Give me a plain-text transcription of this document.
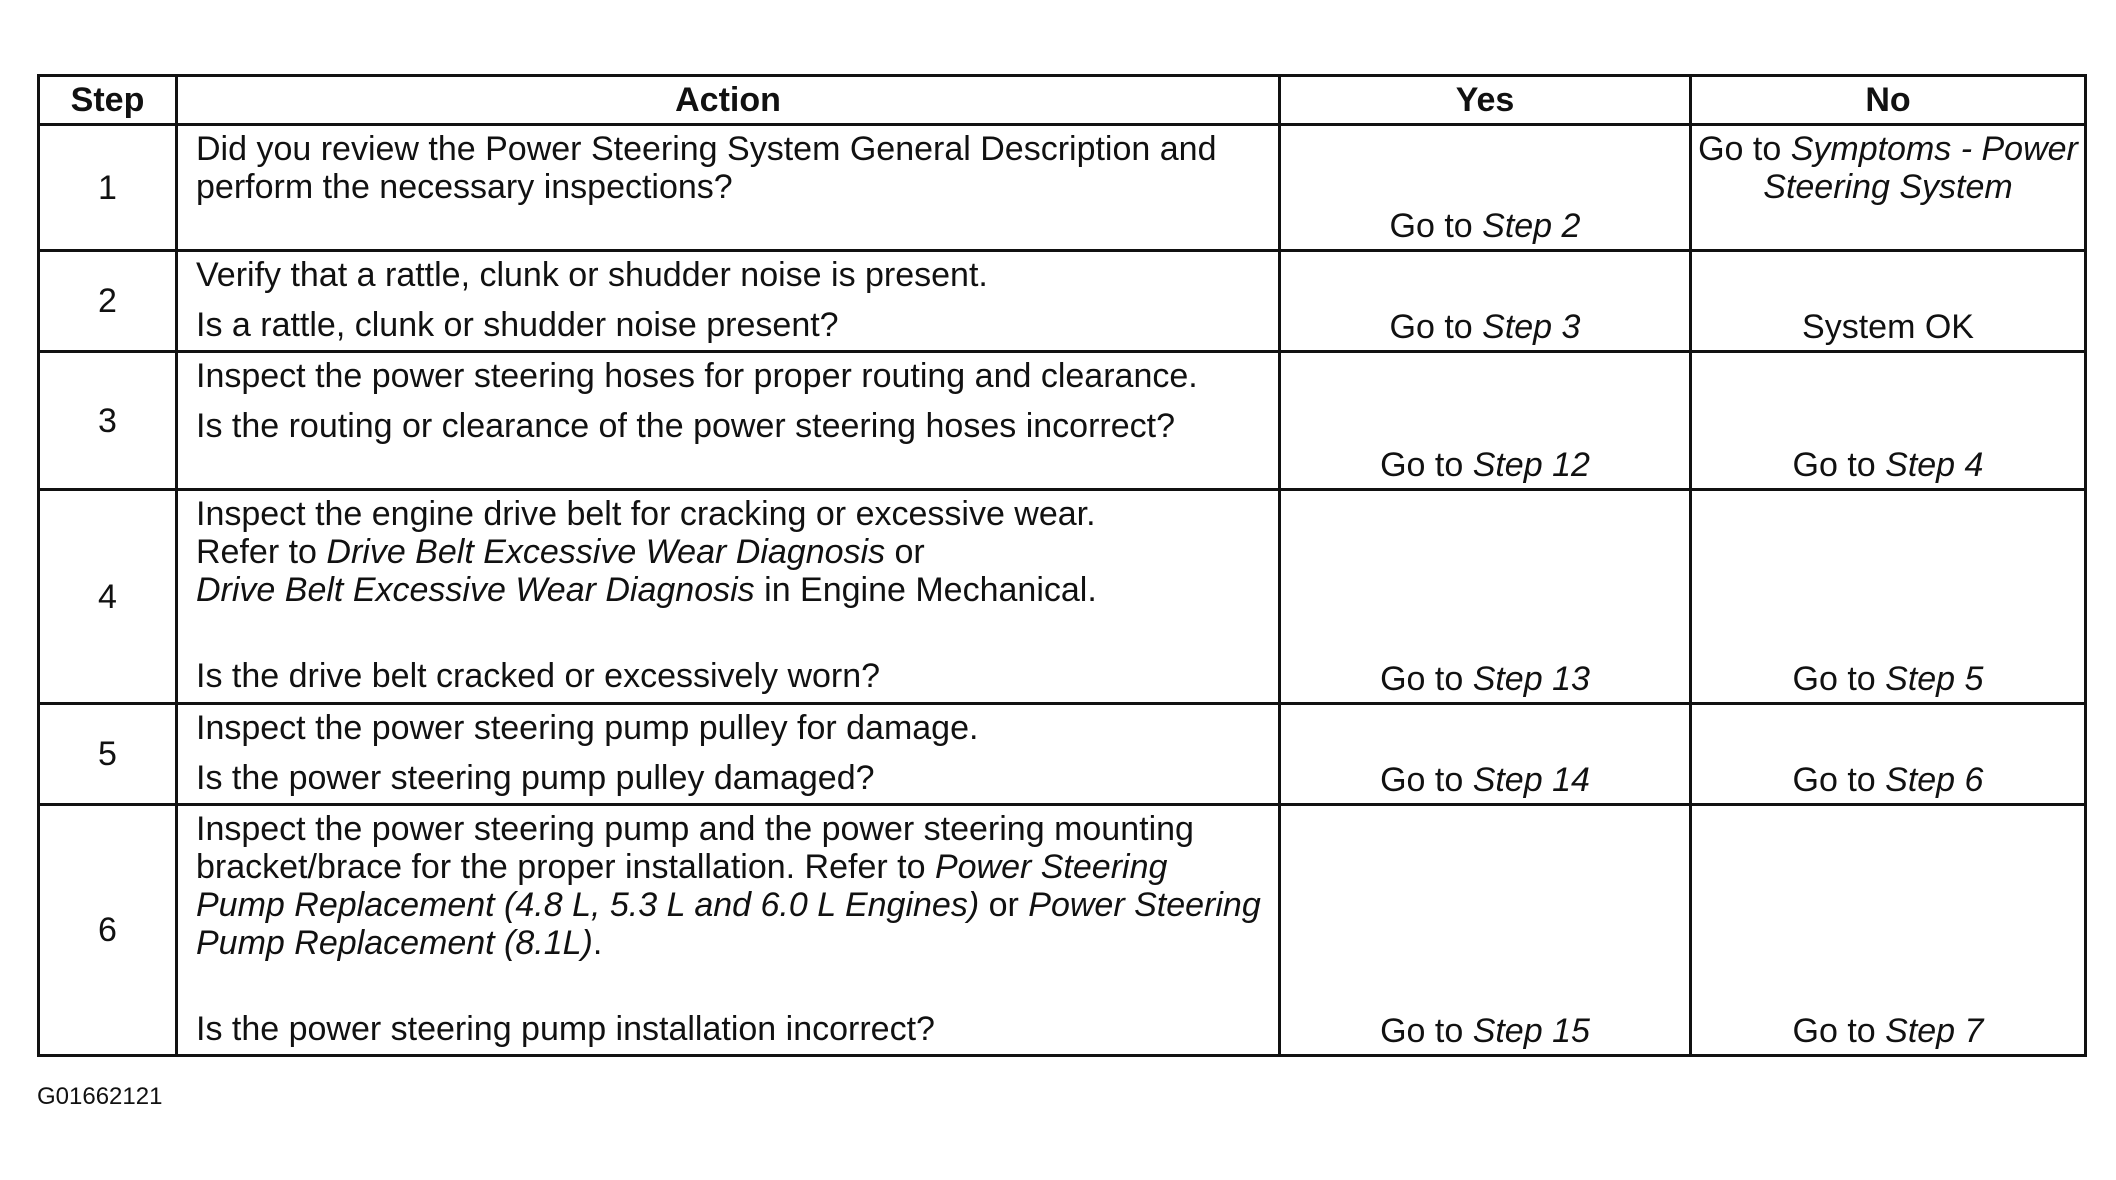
Step	Action	Yes	No
1	Did you review the Power Steering System General Description and perform the necessary inspections?	Go to Step 2	Go to Symptoms - Power Steering System
2	Verify that a rattle, clunk or shudder noise is present.
Is a rattle, clunk or shudder noise present?	Go to Step 3	System OK
3	Inspect the power steering hoses for proper routing and clearance.
Is the routing or clearance of the power steering hoses incorrect?	Go to Step 12	Go to Step 4
4	Inspect the engine drive belt for cracking or excessive wear.
Refer to Drive Belt Excessive Wear Diagnosis or
Drive Belt Excessive Wear Diagnosis in Engine Mechanical.
Is the drive belt cracked or excessively worn?	Go to Step 13	Go to Step 5
5	Inspect the power steering pump pulley for damage.
Is the power steering pump pulley damaged?	Go to Step 14	Go to Step 6
6	Inspect the power steering pump and the power steering mounting bracket/brace for the proper installation. Refer to Power Steering Pump Replacement (4.8 L, 5.3 L and 6.0 L Engines) or Power Steering Pump Replacement (8.1L).
Is the power steering pump installation incorrect?	Go to Step 15	Go to Step 7
G01662121
